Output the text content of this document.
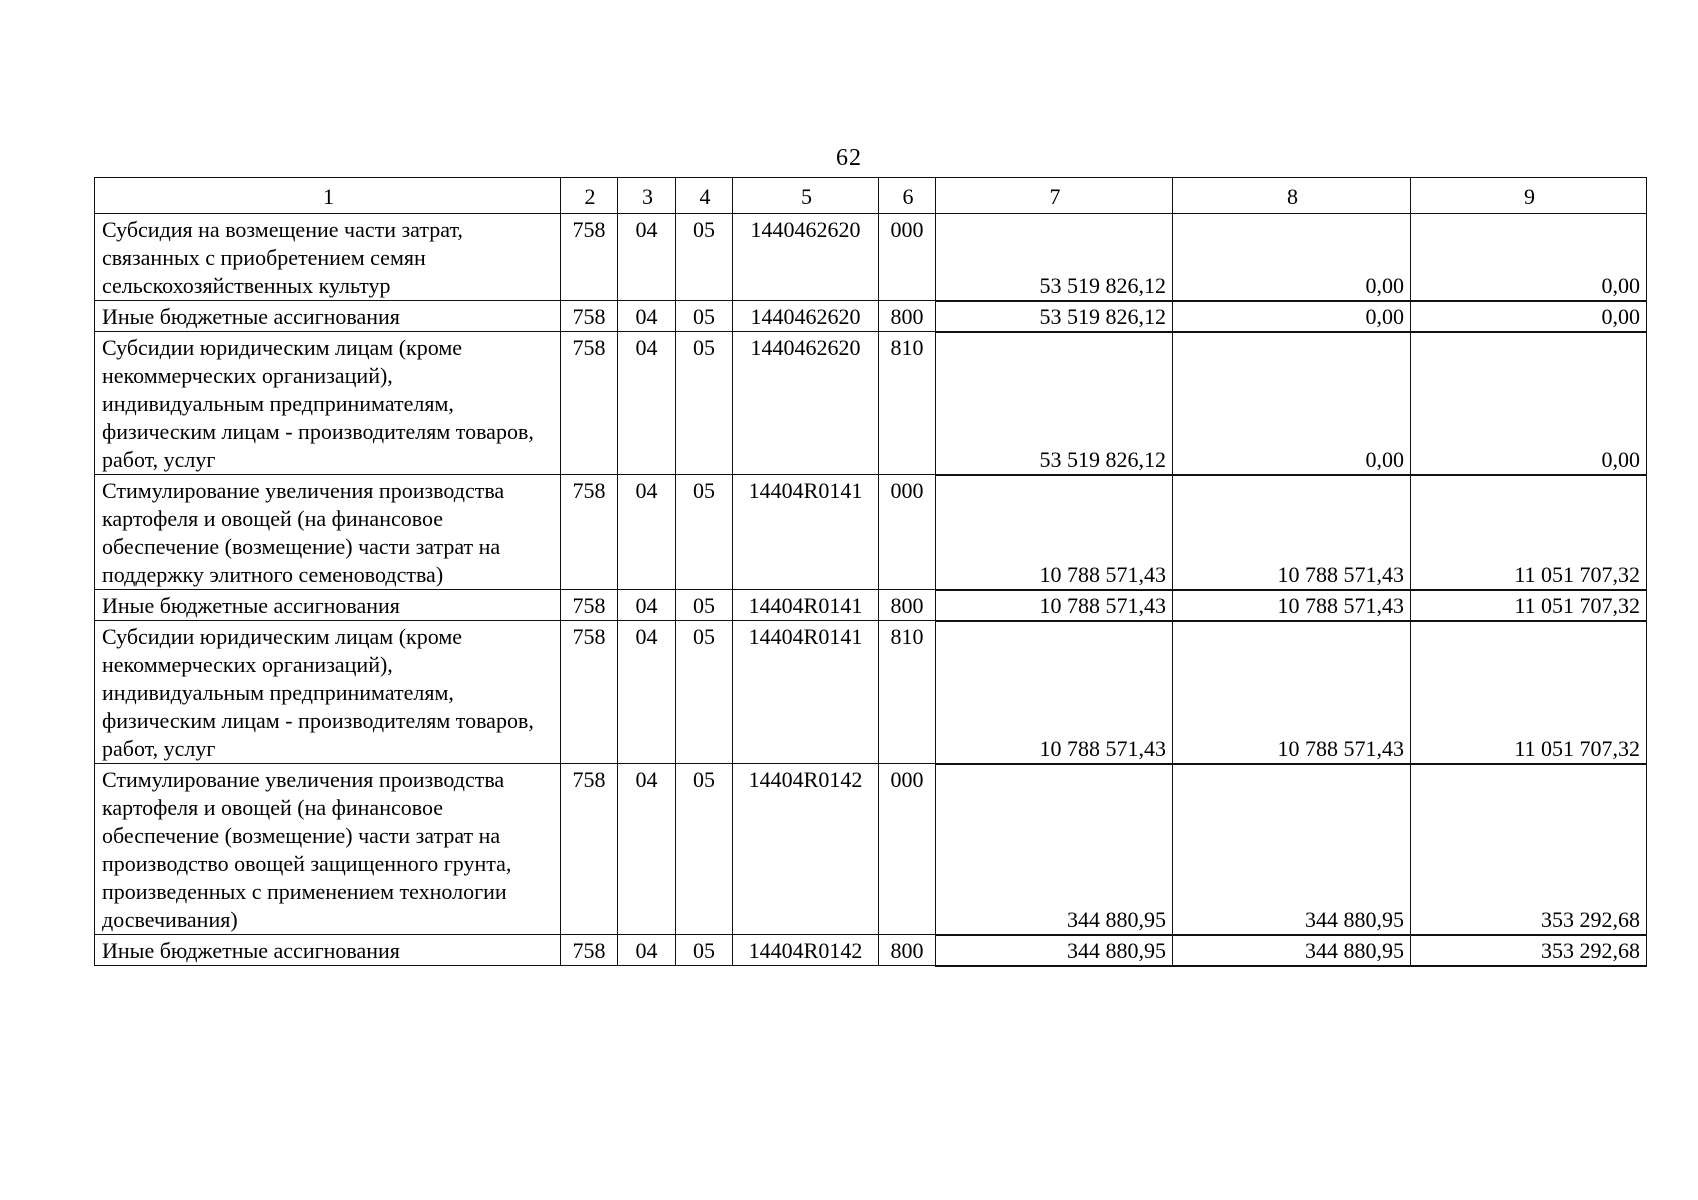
62
1	2	3	4	5	6	7	8	9
Субсидия на возмещение части затрат, связанных с приобретением семян сельскохозяйственных культур	758	04	05	1440462620	000	53 519 826,12	0,00	0,00
Иные бюджетные ассигнования	758	04	05	1440462620	800	53 519 826,12	0,00	0,00
Субсидии юридическим лицам (кроме некоммерческих организаций), индивидуальным предпринимателям, физическим лицам - производителям товаров, работ, услуг	758	04	05	1440462620	810	53 519 826,12	0,00	0,00
Стимулирование увеличения производства картофеля и овощей (на финансовое обеспечение (возмещение) части затрат на поддержку элитного семеноводства)	758	04	05	14404R0141	000	10 788 571,43	10 788 571,43	11 051 707,32
Иные бюджетные ассигнования	758	04	05	14404R0141	800	10 788 571,43	10 788 571,43	11 051 707,32
Субсидии юридическим лицам (кроме некоммерческих организаций), индивидуальным предпринимателям, физическим лицам - производителям товаров, работ, услуг	758	04	05	14404R0141	810	10 788 571,43	10 788 571,43	11 051 707,32
Стимулирование увеличения производства картофеля и овощей (на финансовое обеспечение (возмещение) части затрат на производство овощей защищенного грунта, произведенных с применением технологии досвечивания)	758	04	05	14404R0142	000	344 880,95	344 880,95	353 292,68
Иные бюджетные ассигнования	758	04	05	14404R0142	800	344 880,95	344 880,95	353 292,68
